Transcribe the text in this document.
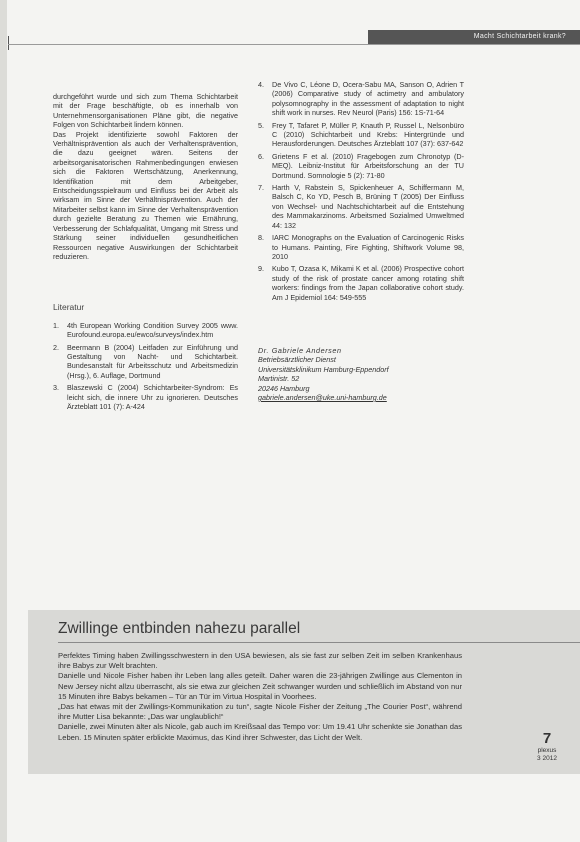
Macht Schichtarbeit krank?

durchgeführt wurde und sich zum Thema Schichtarbeit mit der Frage beschäftigte, ob es innerhalb von Unternehmensorganisationen Pläne gibt, die negative Folgen von Schichtarbeit lindern können.

Das Projekt identifizierte sowohl Faktoren der Verhältnisprävention als auch der Verhaltensprävention, die dazu geeignet wären. Seitens der arbeitsorganisatorischen Rahmenbedingungen erwiesen sich die Faktoren Wertschätzung, Anerkennung, Identifikation mit dem Arbeitgeber, Entscheidungsspielraum und Einfluss bei der Arbeit als wirksam im Sinne der Verhältnisprävention. Auch der Mitarbeiter selbst kann im Sinne der Verhaltensprävention durch gezielte Beratung zu Themen wie Ernährung, Verbesserung der Schlafqualität, Umgang mit Stress und Stärkung seiner individuellen gesundheitlichen Ressourcen negative Auswirkungen der Schichtarbeit reduzieren.

Literatur
1. 4th European Working Condition Survey 2005 www. Eurofound.europa.eu/ewco/surveys/index.htm
2. Beermann B (2004) Leitfaden zur Einführung und Gestaltung von Nacht- und Schichtarbeit. Bundesanstalt für Arbeitsschutz und Arbeitsmedizin (Hrsg.), 6. Auflage, Dortmund
3. Blaszewski C (2004) Schichtarbeiter-Syndrom: Es leicht sich, die innere Uhr zu ignorieren. Deutsches Ärzteblatt 101 (7): A-424
4. De Vivo C, Léone D, Ocera-Sabu MA, Sanson O, Adrien T (2006) Comparative study of actimetry and ambulatory polysomnography in the assessment of adaptation to night shift work in nurses. Rev Neurol (Paris) 156: 1S-71-64
5. Frey T, Tafaret P, Müller P, Knauth P, Russel L, Nelsonbüro C (2010) Schichtarbeit und Krebs: Hintergründe und Herausforderungen. Deutsches Ärzteblatt 107 (37): 637-642
6. Grietens F et al. (2010) Fragebogen zum Chronotyp (D-MEQ). Leibniz-Institut für Arbeitsforschung an der TU Dortmund. Somnologie 5 (2): 71-80
7. Harth V, Rabstein S, Spickenheuer A, Schiffermann M, Balsch C, Ko YD, Pesch B, Brüning T (2005) Der Einfluss von Wechsel- und Nachtschichtarbeit auf die Entstehung des Mammakarzinoms. Arbeitsmed Sozialmed Umweltmed 44: 132
8. IARC Monographs on the Evaluation of Carcinogenic Risks to Humans. Painting, Fire Fighting, Shiftwork Volume 98, 2010
9. Kubo T, Ozasa K, Mikami K et al. (2006) Prospective cohort study of the risk of prostate cancer among rotating shift workers: findings from the Japan collaborative cohort study. Am J Epidemiol 164: 549-555
Dr. Gabriele Andersen
Betriebsärztlicher Dienst
Universitätsklinikum Hamburg-Eppendorf
Martinistr. 52
20246 Hamburg
gabriele.andersen@uke.uni-hamburg.de
Zwillinge entbinden nahezu parallel

Perfektes Timing haben Zwillingsschwestern in den USA bewiesen, als sie fast zur selben Zeit im selben Krankenhaus ihre Babys zur Welt brachten.

Danielle und Nicole Fisher haben ihr Leben lang alles geteilt. Daher waren die 23-jährigen Zwillinge aus Clementon in New Jersey nicht allzu überrascht, als sie etwa zur gleichen Zeit schwanger wurden und schließlich im Abstand von nur 15 Minuten ihre Babys bekamen – Tür an Tür im Virtua Hospital in Voorhees.

„Das hat etwas mit der Zwillings-Kommunikation zu tun“, sagte Nicole Fisher der Zeitung „The Courier Post“, während ihre Mutter Lisa bekannte: „Das war unglaublich!“

Danielle, zwei Minuten älter als Nicole, gab auch im Kreißsaal das Tempo vor: Um 19.41 Uhr schenkte sie Jonathan das Leben. 15 Minuten später erblickte Maximus, das Kind ihrer Schwester, das Licht der Welt.	7
plexus
3 2012
